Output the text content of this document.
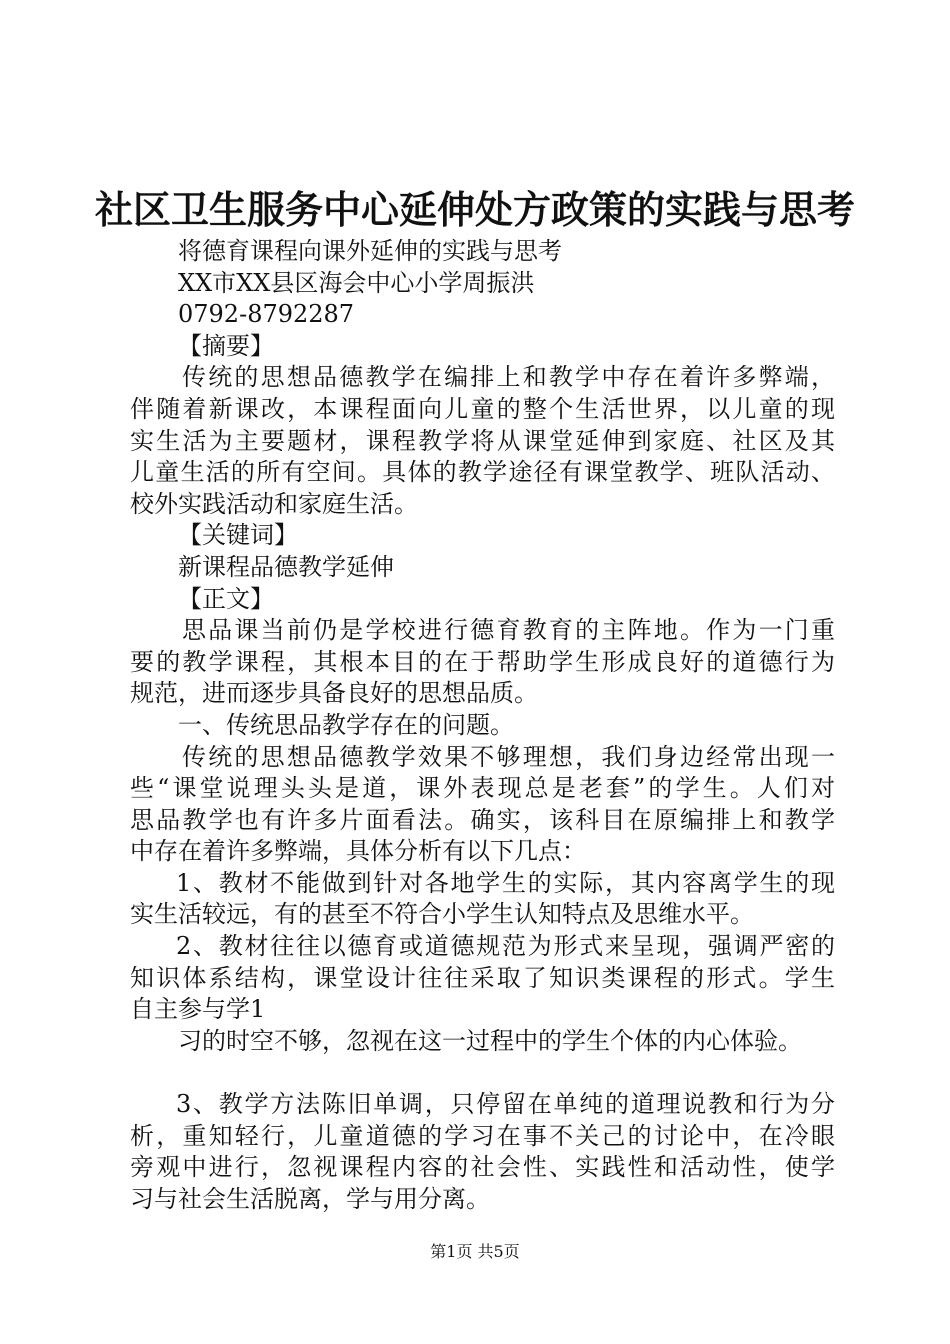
社区卫生服务中心延伸处方政策的实践与思考
将德育课程向课外延伸的实践与思考
XX市XX县区海会中心小学周振洪
0792-8792287
【摘要】
传统的思想品德教学在编排上和教学中存在着许多弊端，
伴随着新课改，本课程面向儿童的整个生活世界，以儿童的现
实生活为主要题材，课程教学将从课堂延伸到家庭、社区及其
儿童生活的所有空间。具体的教学途径有课堂教学、班队活动、
校外实践活动和家庭生活。
【关键词】
新课程品德教学延伸
【正文】
思品课当前仍是学校进行德育教育的主阵地。作为一门重
要的教学课程，其根本目的在于帮助学生形成良好的道德行为
规范，进而逐步具备良好的思想品质。
一、传统思品教学存在的问题。
传统的思想品德教学效果不够理想，我们身边经常出现一
些“课堂说理头头是道，课外表现总是老套”的学生。人们对
思品教学也有许多片面看法。确实，该科目在原编排上和教学
中存在着许多弊端，具体分析有以下几点：
1、教材不能做到针对各地学生的实际，其内容离学生的现
实生活较远，有的甚至不符合小学生认知特点及思维水平。
2、教材往往以德育或道德规范为形式来呈现，强调严密的
知识体系结构，课堂设计往往采取了知识类课程的形式。学生
自主参与学1
习的时空不够，忽视在这一过程中的学生个体的内心体验。
3、教学方法陈旧单调，只停留在单纯的道理说教和行为分
析，重知轻行，儿童道德的学习在事不关己的讨论中，在冷眼
旁观中进行，忽视课程内容的社会性、实践性和活动性，使学
习与社会生活脱离，学与用分离。
第1页 共5页
